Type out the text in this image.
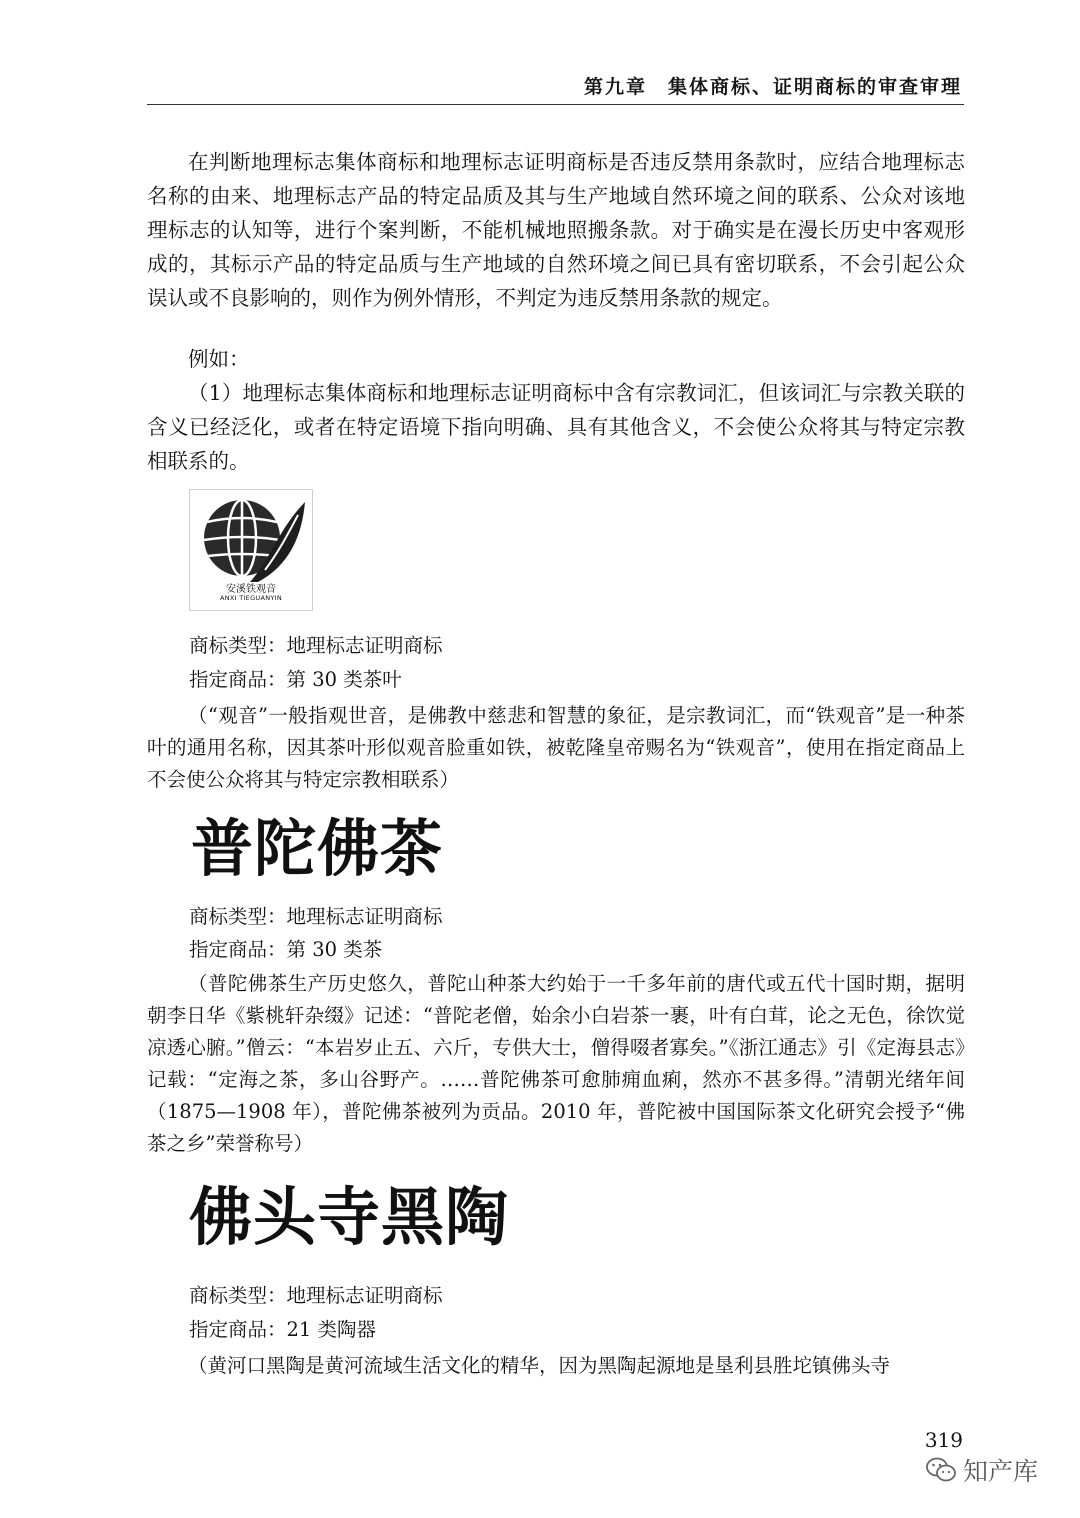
第九章　集体商标、证明商标的审查审理

在判断地理标志集体商标和地理标志证明商标是否违反禁用条款时，应结合地理标志名称的由来、地理标志产品的特定品质及其与生产地域自然环境之间的联系、公众对该地理标志的认知等，进行个案判断，不能机械地照搬条款。对于确实是在漫长历史中客观形成的，其标示产品的特定品质与生产地域的自然环境之间已具有密切联系，不会引起公众误认或不良影响的，则作为例外情形，不判定为违反禁用条款的规定。

例如：

（1）地理标志集体商标和地理标志证明商标中含有宗教词汇，但该词汇与宗教关联的含义已经泛化，或者在特定语境下指向明确、具有其他含义，不会使公众将其与特定宗教相联系的。

安溪铁观音
ANXI TIEGUANYIN

商标类型：地理标志证明商标

指定商品：第 30 类茶叶

（“观音”一般指观世音，是佛教中慈悲和智慧的象征，是宗教词汇，而“铁观音”是一种茶叶的通用名称，因其茶叶形似观音脸重如铁，被乾隆皇帝赐名为“铁观音”，使用在指定商品上不会使公众将其与特定宗教相联系）

普陀佛茶

商标类型：地理标志证明商标

指定商品：第 30 类茶

（普陀佛茶生产历史悠久，普陀山种茶大约始于一千多年前的唐代或五代十国时期，据明朝李日华《紫桃轩杂缀》记述：“普陀老僧，始余小白岩茶一裹，叶有白茸，论之无色，徐饮觉凉透心腑。”僧云：“本岩岁止五、六斤，专供大士，僧得啜者寡矣。”《浙江通志》引《定海县志》记载：“定海之茶，多山谷野产。……普陀佛茶可愈肺痈血痢，然亦不甚多得。”清朝光绪年间（1875—1908 年），普陀佛茶被列为贡品。2010 年，普陀被中国国际茶文化研究会授予“佛茶之乡”荣誉称号）

佛头寺黑陶

商标类型：地理标志证明商标

指定商品：21 类陶器

（黄河口黑陶是黄河流域生活文化的精华，因为黑陶起源地是垦利县胜坨镇佛头寺

319
知产库
